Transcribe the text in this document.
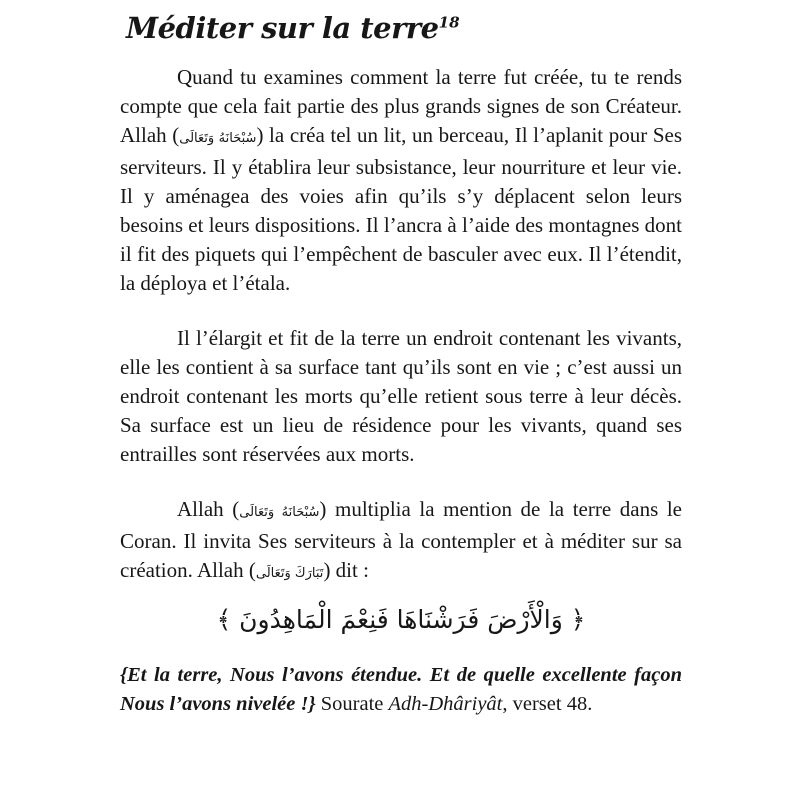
Méditer sur la terre$^{18}$

Quand tu examines comment la terre fut créée, tu te rends compte que cela fait partie des plus grands signes de son Créateur. Allah (سُبْحَانَهُ وَتَعَالَى) la créa tel un lit, un berceau, Il l’aplanit pour Ses serviteurs. Il y établira leur subsistance, leur nourriture et leur vie. Il y aménagea des voies afin qu’ils s’y déplacent selon leurs besoins et leurs dispositions. Il l’ancra à l’aide des montagnes dont il fit des piquets qui l’empêchent de basculer avec eux. Il l’étendit, la déploya et l’étala.

Il l’élargit et fit de la terre un endroit contenant les vivants, elle les contient à sa surface tant qu’ils sont en vie ; c’est aussi un endroit contenant les morts qu’elle retient sous terre à leur décès. Sa surface est un lieu de résidence pour les vivants, quand ses entrailles sont réservées aux morts.

Allah (سُبْحَانَهُ وَتَعَالَى) multiplia la mention de la terre dans le Coran. Il invita Ses serviteurs à la contempler et à méditer sur sa création. Allah (تَبَارَكَ وَتَعَالَى) dit :

﴿ وَالْأَرْضَ فَرَشْنَاهَا فَنِعْمَ الْمَاهِدُونَ ﴾

{Et la terre, Nous l’avons étendue. Et de quelle excellente façon Nous l’avons nivelée !} Sourate Adh-Dhâriyât, verset 48.
